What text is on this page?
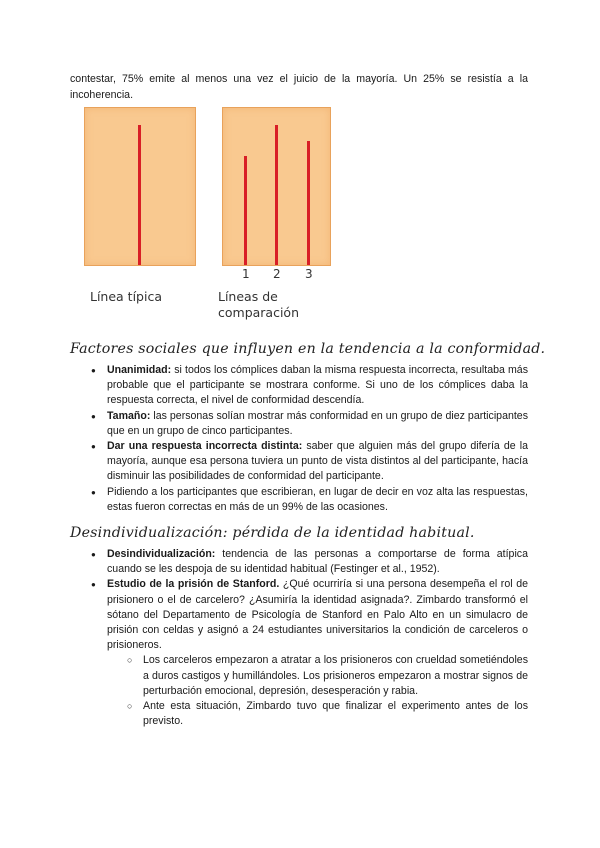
contestar, 75% emite al menos una vez el juicio de la mayoría. Un 25% se resistía a la incoherencia.

1 2 3
Línea típica	Líneas de
comparación
Factores sociales que influyen en la tendencia a la conformidad.
● Unanimidad: si todos los cómplices daban la misma respuesta incorrecta, resultaba más probable que el participante se mostrara conforme. Si uno de los cómplices daba la respuesta correcta, el nivel de conformidad descendía.
● Tamaño: las personas solían mostrar más conformidad en un grupo de diez participantes que en un grupo de cinco participantes.
● Dar una respuesta incorrecta distinta: saber que alguien más del grupo difería de la mayoría, aunque esa persona tuviera un punto de vista distintos al del participante, hacía disminuir las posibilidades de conformidad del participante.
● Pidiendo a los participantes que escribieran, en lugar de decir en voz alta las respuestas, estas fueron correctas en más de un 99% de las ocasiones.
Desindividualización: pérdida de la identidad habitual.
● Desindividualización: tendencia de las personas a comportarse de forma atípica cuando se les despoja de su identidad habitual (Festinger et al., 1952).
● Estudio de la prisión de Stanford. ¿Qué ocurriría si una persona desempeña el rol de prisionero o el de carcelero? ¿Asumiría la identidad asignada?. Zimbardo transformó el sótano del Departamento de Psicología de Stanford en Palo Alto en un simulacro de prisión con celdas y asignó a 24 estudiantes universitarios la condición de carceleros o prisioneros.
○ Los carceleros empezaron a atratar a los prisioneros con crueldad sometiéndoles a duros castigos y humillándoles. Los prisioneros empezaron a mostrar signos de perturbación emocional, depresión, desesperación y rabia.
○ Ante esta situación, Zimbardo tuvo que finalizar el experimento antes de los previsto.
